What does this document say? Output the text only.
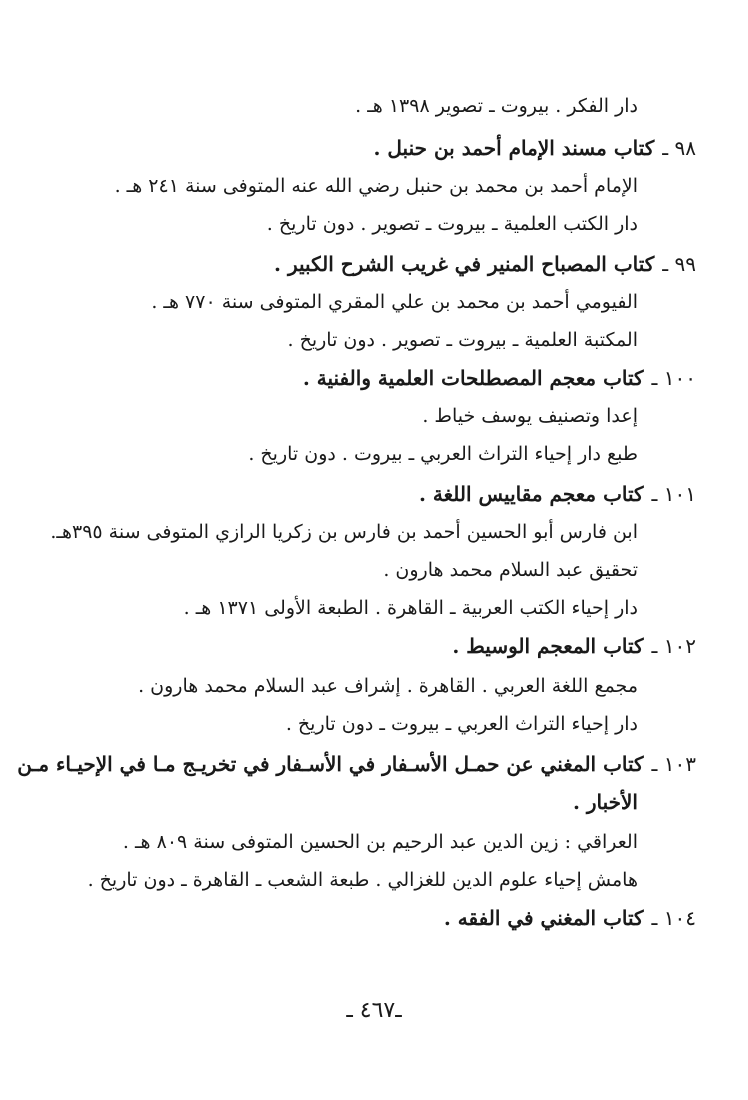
دار الفكر . بيروت ـ تصوير ١٣٩٨ هـ .
٩٨ ـكتاب مسند الإمام أحمد بن حنبل .
الإمام أحمد بن محمد بن حنبل رضي الله عنه المتوفى سنة ٢٤١ هـ .
دار الكتب العلمية ـ بيروت ـ تصوير . دون تاريخ .
٩٩ ـكتاب المصباح المنير في غريب الشرح الكبير .
الفيومي أحمد بن محمد بن علي المقري المتوفى سنة ٧٧٠ هـ .
المكتبة العلمية ـ بيروت ـ تصوير . دون تاريخ .
١٠٠ ـكتاب معجم المصطلحات العلمية والفنية .
إعدا وتصنيف يوسف خياط .
طبع دار إحياء التراث العربي ـ بيروت . دون تاريخ .
١٠١ ـكتاب معجم مقاييس اللغة .
ابن فارس أبو الحسين أحمد بن فارس بن زكريا الرازي المتوفى سنة ٣٩٥هـ.
تحقيق عبد السلام محمد هارون .
دار إحياء الكتب العربية ـ القاهرة . الطبعة الأولى ١٣٧١ هـ .
١٠٢ ـكتاب المعجم الوسيط .
مجمع اللغة العربي . القاهرة . إشراف عبد السلام محمد هارون .
دار إحياء التراث العربي ـ بيروت ـ دون تاريخ .
١٠٣ ـكتاب المغني عن حمـل الأسـفار في الأسـفار في تخريـج مـا في الإحيـاء مـن
الأخبار .
العراقي : زين الدين عبد الرحيم بن الحسين المتوفى سنة ٨٠٩ هـ .
هامش إحياء علوم الدين للغزالي . طبعة الشعب ـ القاهرة ـ دون تاريخ .
١٠٤ ـكتاب المغني في الفقه .
ـ٤٦٧ ـ
